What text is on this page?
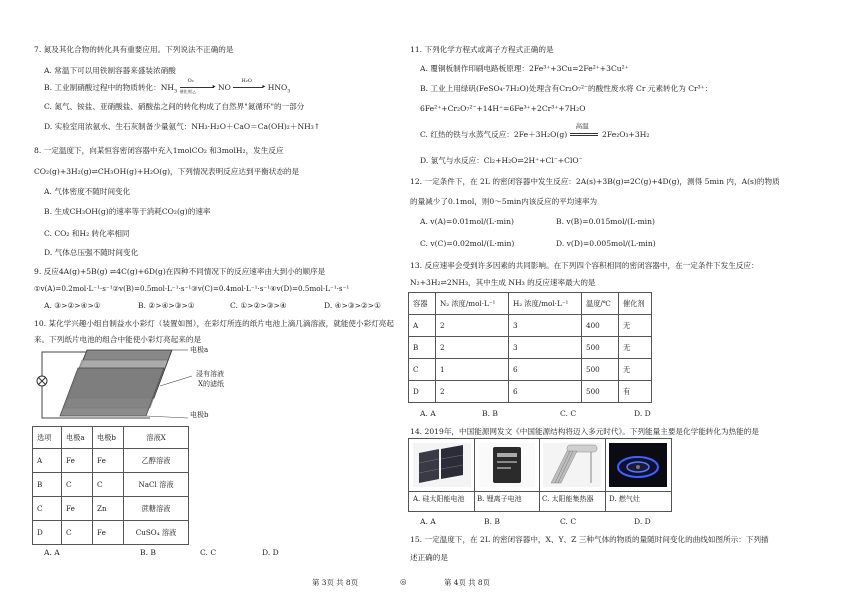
7. 氮及其化合物的转化具有重要应用。下列说法不正确的是
A. 常温下可以用铁制容器来盛装浓硝酸
B. 工业制硝酸过程中的物质转化：$NH_3$
O₂
▸
催化剂,△	NO
H₂O
▸ $HNO_3$
C. 氮气、铵盐、亚硝酸盐、硝酸盐之间的转化构成了自然界"氮循环"的一部分
D. 实验室用浓氨水、生石灰制备少量氨气：NH₃·H₂O＋CaO＝Ca(OH)₂＋NH₃↑
8. 一定温度下，向某恒容密闭容器中充入1molCO₂ 和3molH₂，发生反应
CO₂(g)+3H₂(g)⇌CH₃OH(g)+H₂O(g)，下列情况表明反应达到平衡状态的是
A. 气体密度不随时间变化
B. 生成CH₃OH(g)的速率等于消耗CO₂(g)的速率
C. CO₂ 和H₂ 转化率相同
D. 气体总压强不随时间变化
9. 反应4A(g)+5B(g) ⇌4C(g)+6D(g)在四种不同情况下的反应速率由大到小的顺序是
①v(A)=0.2mol·L⁻¹·s⁻¹②v(B)=0.5mol·L⁻¹·s⁻¹③v(C)=0.4mol·L⁻¹·s⁻¹④v(D)=0.5mol·L⁻¹·s⁻¹
A. ③>②>④>①	B. ②>④>③>①	C. ①>②>③>④	D. ④>③>②>①
10. 某化学兴趣小组自制益水小彩灯（装置如图），在彩灯所连的纸片电池上滴几滴溶液，就能使小彩灯亮起
来。下列纸片电池的组合中能使小彩灯亮起来的是
电极a
浸有溶液
X的滤纸
电极b
选项	电极a	电极b	溶液X
A	Fe	Fe	乙醇溶液
B	C	C	NaCl 溶液
C	Fe	Zn	蔗糖溶液
D	C	Fe	CuSO₄ 溶液
A. A	B. B	C. C	D. D
11. 下列化学方程式或离子方程式正确的是
A. 覆铜板制作印刷电路板原理：2Fe³⁺+3Cu=2Fe²⁺+3Cu²⁺
B. 工业上用绿矾(FeSO₄·7H₂O)处理含有Cr₂O₇²⁻的酸性废水将 Cr 元素转化为 Cr³⁺：
6Fe²⁺+Cr₂O₇²⁻+14H⁺=6Fe³⁺+2Cr³⁺+7H₂O
C. 红热的铁与水蒸气反应：2Fe＋3H₂O(g)
高温
2Fe₂O₃+3H₂
D. 氯气与水反应：Cl₂+H₂O⇌2H⁺+Cl⁻+ClO⁻
12. 一定条件下，在 2L 的密闭容器中发生反应：2A(s)+3B(g)⇌2C(g)+4D(g)，测得 5min 内，A(s)的物质
的量减少了0.1mol，则0～5min内该反应的平均速率为
A. v(A)=0.01mol/(L·min)	B. v(B)=0.015mol/(L·min)
C. v(C)=0.02mol/(L·min)	D. v(D)=0.005mol/(L·min)
13. 反应速率会受到许多因素的共同影响。在下列四个容积相同的密闭容器中，在一定条件下发生反应：
N₂+3H₂⇌2NH₃，其中生成 NH₃ 的反应速率最大的是
容器	N₂ 浓度/mol·L⁻¹	H₂ 浓度/mol·L⁻¹	温度/℃	催化剂
A	2	3	400	无
B	2	3	500	无
C	1	6	500	无
D	2	6	500	有
A. A	B. B	C. C	D. D
14. 2019年，中国能源网发文《中国能源结构将迈入多元时代》。下列能量主要是化学能转化为热能的是
A. 硅太阳能电池 B. 锂离子电池	C. 太阳能集热器 D. 燃气灶
A. A	B. B	C. C	D. D
15. 一定温度下，在 2L 的密闭容器中，X、Y、Z 三种气体的物质的量随时间变化的曲线如图所示：下列描
述正确的是
第 3页 共 8页	◎	第 4页 共 8页
